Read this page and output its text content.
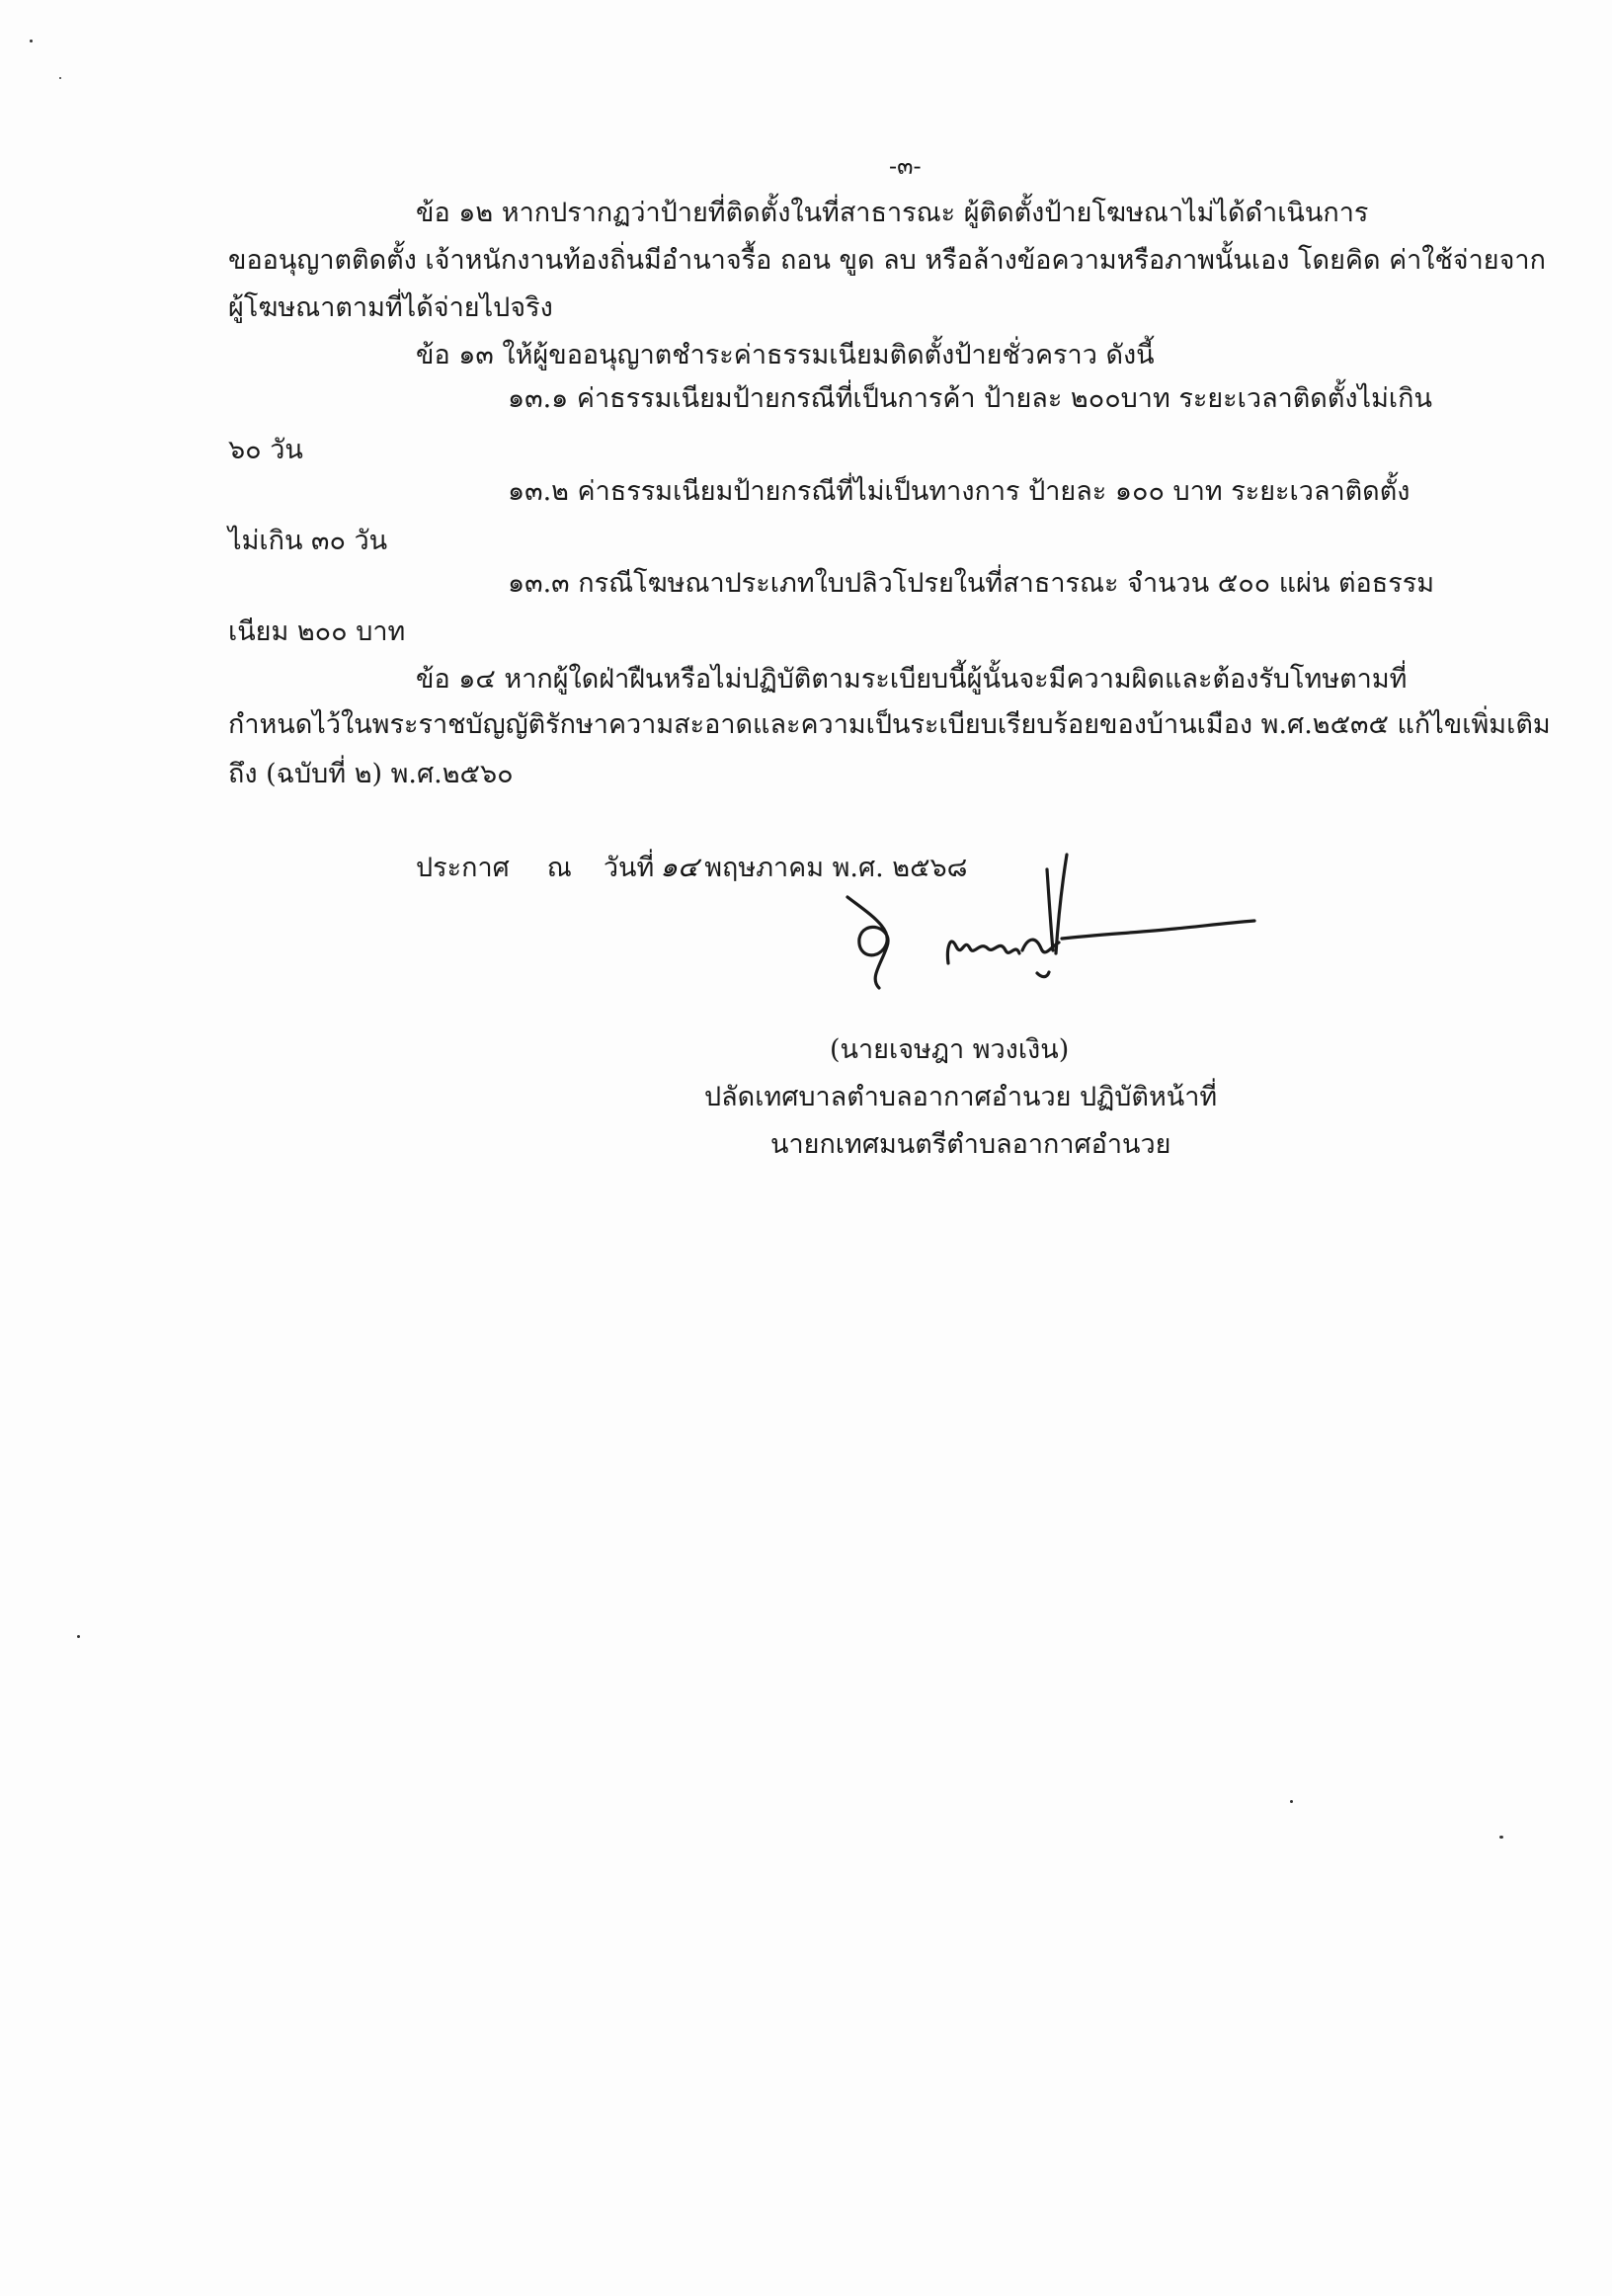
-๓-
ข้อ ๑๒ หากปรากฏว่าป้ายที่ติดตั้งในที่สาธารณะ ผู้ติดตั้งป้ายโฆษณาไม่ได้ดำเนินการ
ขออนุญาตติดตั้ง เจ้าหนักงานท้องถิ่นมีอำนาจรื้อ ถอน ขูด ลบ หรือล้างข้อความหรือภาพนั้นเอง โดยคิด ค่าใช้จ่ายจาก
ผู้โฆษณาตามที่ได้จ่ายไปจริง
ข้อ ๑๓ ให้ผู้ขออนุญาตชำระค่าธรรมเนียมติดตั้งป้ายชั่วคราว ดังนี้
๑๓.๑ ค่าธรรมเนียมป้ายกรณีที่เป็นการค้า ป้ายละ ๒๐๐บาท ระยะเวลาติดตั้งไม่เกิน
๖๐ วัน
๑๓.๒ ค่าธรรมเนียมป้ายกรณีที่ไม่เป็นทางการ ป้ายละ ๑๐๐ บาท ระยะเวลาติดตั้ง
ไม่เกิน ๓๐ วัน
๑๓.๓ กรณีโฆษณาประเภทใบปลิวโปรยในที่สาธารณะ จำนวน ๕๐๐ แผ่น ต่อธรรม
เนียม ๒๐๐ บาท
ข้อ ๑๔ หากผู้ใดฝ่าฝืนหรือไม่ปฏิบัติตามระเบียบนี้ผู้นั้นจะมีความผิดและต้องรับโทษตามที่
กำหนดไว้ในพระราชบัญญัติรักษาความสะอาดและความเป็นระเบียบเรียบร้อยของบ้านเมือง พ.ศ.๒๕๓๕ แก้ไขเพิ่มเติม
ถึง (ฉบับที่ ๒) พ.ศ.๒๕๖๐
ประกาศ ณ วันที่ ๑๔ พฤษภาคม พ.ศ. ๒๕๖๘
(นายเจษฎา พวงเงิน)
ปลัดเทศบาลตำบลอากาศอำนวย ปฏิบัติหน้าที่
นายกเทศมนตรีตำบลอากาศอำนวย
